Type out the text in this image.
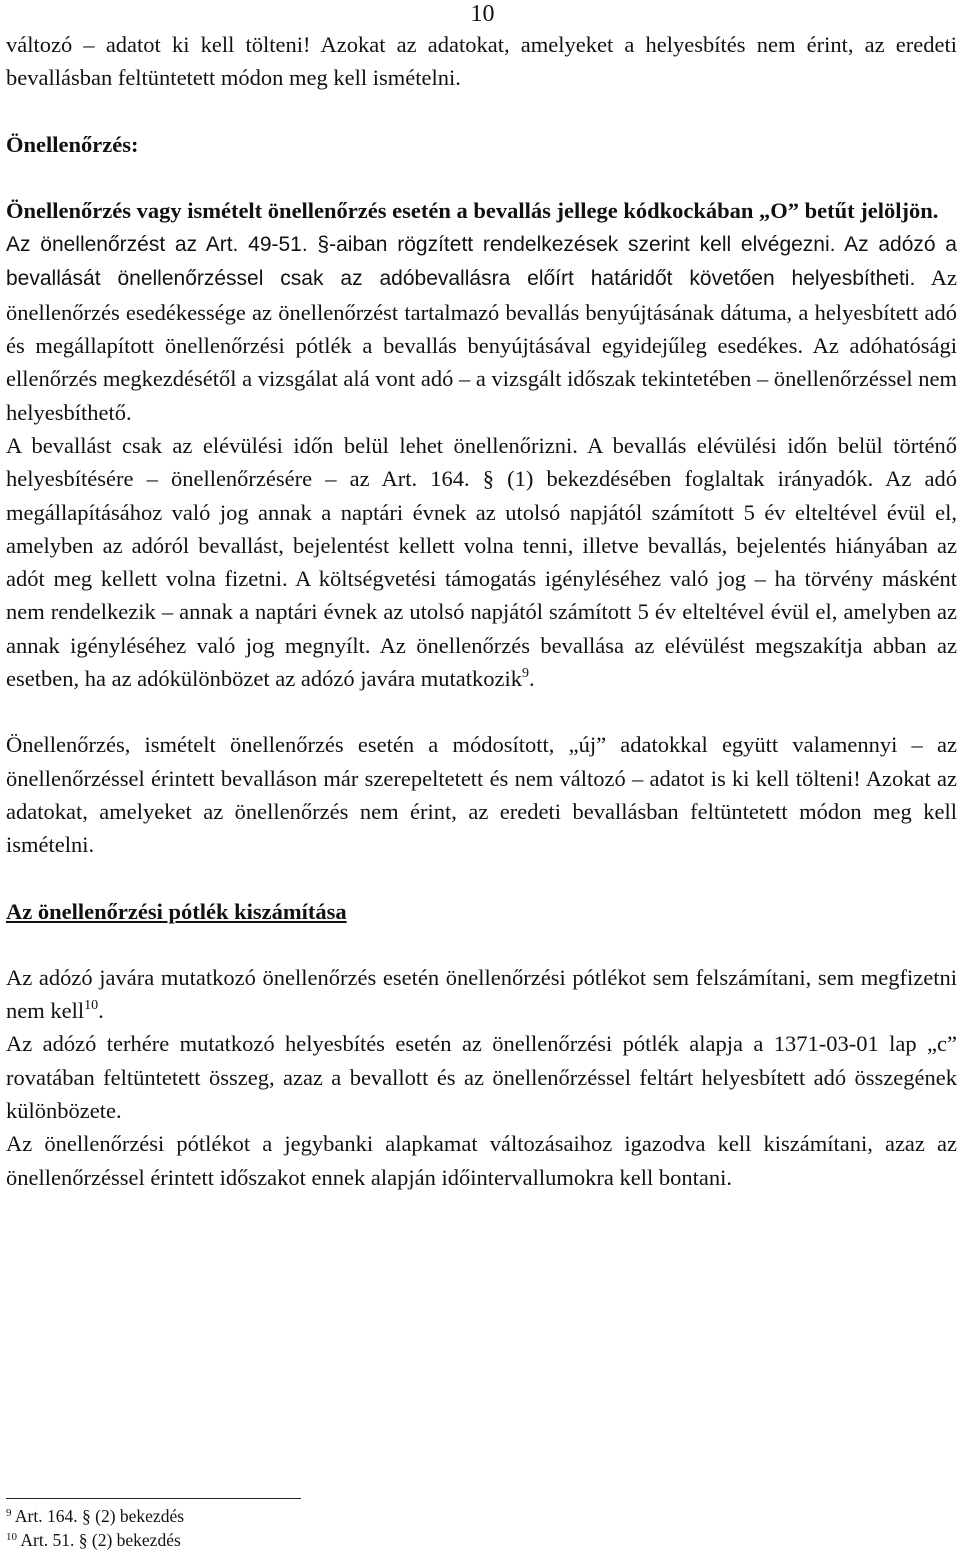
10

változó – adatot ki kell tölteni! Azokat az adatokat, amelyeket a helyesbítés nem érint, az eredeti bevallásban feltüntetett módon meg kell ismételni.

Önellenőrzés:

Önellenőrzés vagy ismételt önellenőrzés esetén a bevallás jellege kódkockában „O” betűt jelöljön.

Az önellenőrzést az Art. 49-51. §-aiban rögzített rendelkezések szerint kell elvégezni. Az adózó a bevallását önellenőrzéssel csak az adóbevallásra előírt határidőt követően helyesbítheti. Az önellenőrzés esedékessége az önellenőrzést tartalmazó bevallás benyújtásának dátuma, a helyesbített adó és megállapított önellenőrzési pótlék a bevallás benyújtásával egyidejűleg esedékes. Az adóhatósági ellenőrzés megkezdésétől a vizsgálat alá vont adó – a vizsgált időszak tekintetében – önellenőrzéssel nem helyesbíthető.

A bevallást csak az elévülési időn belül lehet önellenőrizni. A bevallás elévülési időn belül történő helyesbítésére – önellenőrzésére – az Art. 164. § (1) bekezdésében foglaltak irányadók. Az adó megállapításához való jog annak a naptári évnek az utolsó napjától számított 5 év elteltével évül el, amelyben az adóról bevallást, bejelentést kellett volna tenni, illetve bevallás, bejelentés hiányában az adót meg kellett volna fizetni. A költségvetési támogatás igényléséhez való jog – ha törvény másként nem rendelkezik – annak a naptári évnek az utolsó napjától számított 5 év elteltével évül el, amelyben az annak igényléséhez való jog megnyílt. Az önellenőrzés bevallása az elévülést megszakítja abban az esetben, ha az adókülönbözet az adózó javára mutatkozik$^9$.

Önellenőrzés, ismételt önellenőrzés esetén a módosított, „új” adatokkal együtt valamennyi – az önellenőrzéssel érintett bevalláson már szerepeltetett és nem változó – adatot is ki kell tölteni! Azokat az adatokat, amelyeket az önellenőrzés nem érint, az eredeti bevallásban feltüntetett módon meg kell ismételni.

Az önellenőrzési pótlék kiszámítása

Az adózó javára mutatkozó önellenőrzés esetén önellenőrzési pótlékot sem felszámítani, sem megfizetni nem kell$^{10}$.

Az adózó terhére mutatkozó helyesbítés esetén az önellenőrzési pótlék alapja a 1371-03-01 lap „c” rovatában feltüntetett összeg, azaz a bevallott és az önellenőrzéssel feltárt helyesbített adó összegének különbözete.

Az önellenőrzési pótlékot a jegybanki alapkamat változásaihoz igazodva kell kiszámítani, azaz az önellenőrzéssel érintett időszakot ennek alapján időintervallumokra kell bontani.

$^9$ Art. 164. § (2) bekezdés
$^{10}$ Art. 51. § (2) bekezdés
